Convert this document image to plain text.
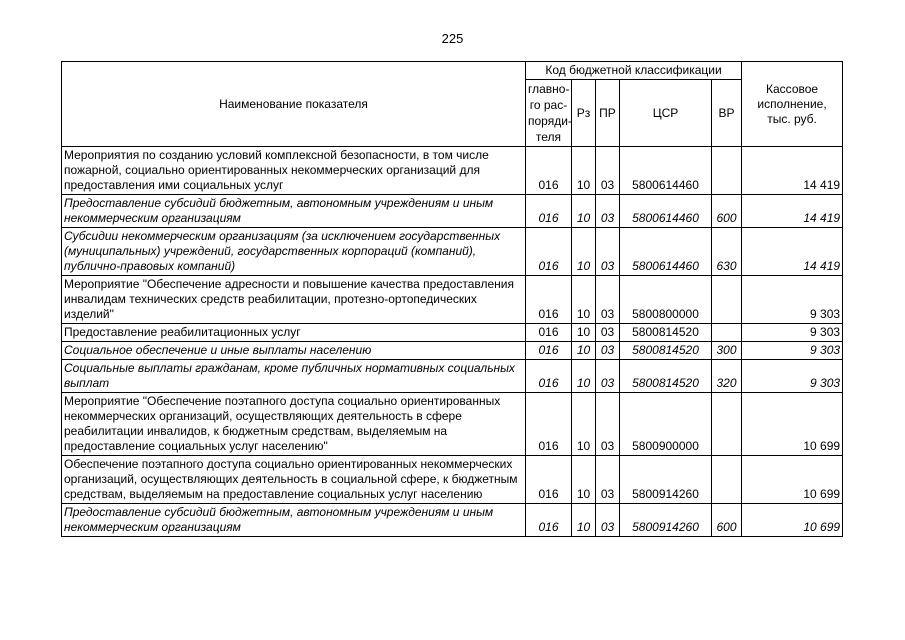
225
Наименование показателя	Код бюджетной классификации					Кассовое исполнение, тыс. руб.
	главно-го рас-поряди-теля	Рз	ПР	ЦСР	ВР	
Мероприятия по созданию условий комплексной безопасности, в том числе пожарной, социально ориентированных некоммерческих организаций для предоставления ими социальных услуг	016	10	03	5800614460		14 419
Предоставление субсидий бюджетным, автономным учреждениям и иным некоммерческим организациям	016	10	03	5800614460	600	14 419
Субсидии некоммерческим организациям (за исключением государственных (муниципальных) учреждений, государственных корпораций (компаний), публично-правовых компаний)	016	10	03	5800614460	630	14 419
Мероприятие "Обеспечение адресности и повышение качества предоставления инвалидам технических средств реабилитации, протезно-ортопедических изделий"	016	10	03	5800800000		9 303
Предоставление реабилитационных услуг	016	10	03	5800814520		9 303
Социальное обеспечение и иные выплаты населению	016	10	03	5800814520	300	9 303
Социальные выплаты гражданам, кроме публичных нормативных социальных выплат	016	10	03	5800814520	320	9 303
Мероприятие "Обеспечение поэтапного доступа социально ориентированных некоммерческих организаций, осуществляющих деятельность в сфере реабилитации инвалидов, к бюджетным средствам, выделяемым на предоставление социальных услуг населению"	016	10	03	5800900000		10 699
Обеспечение поэтапного доступа социально ориентированных некоммерческих организаций, осуществляющих деятельность в социальной сфере, к бюджетным средствам, выделяемым на предоставление социальных услуг населению	016	10	03	5800914260		10 699
Предоставление субсидий бюджетным, автономным учреждениям и иным некоммерческим организациям	016	10	03	5800914260	600	10 699
